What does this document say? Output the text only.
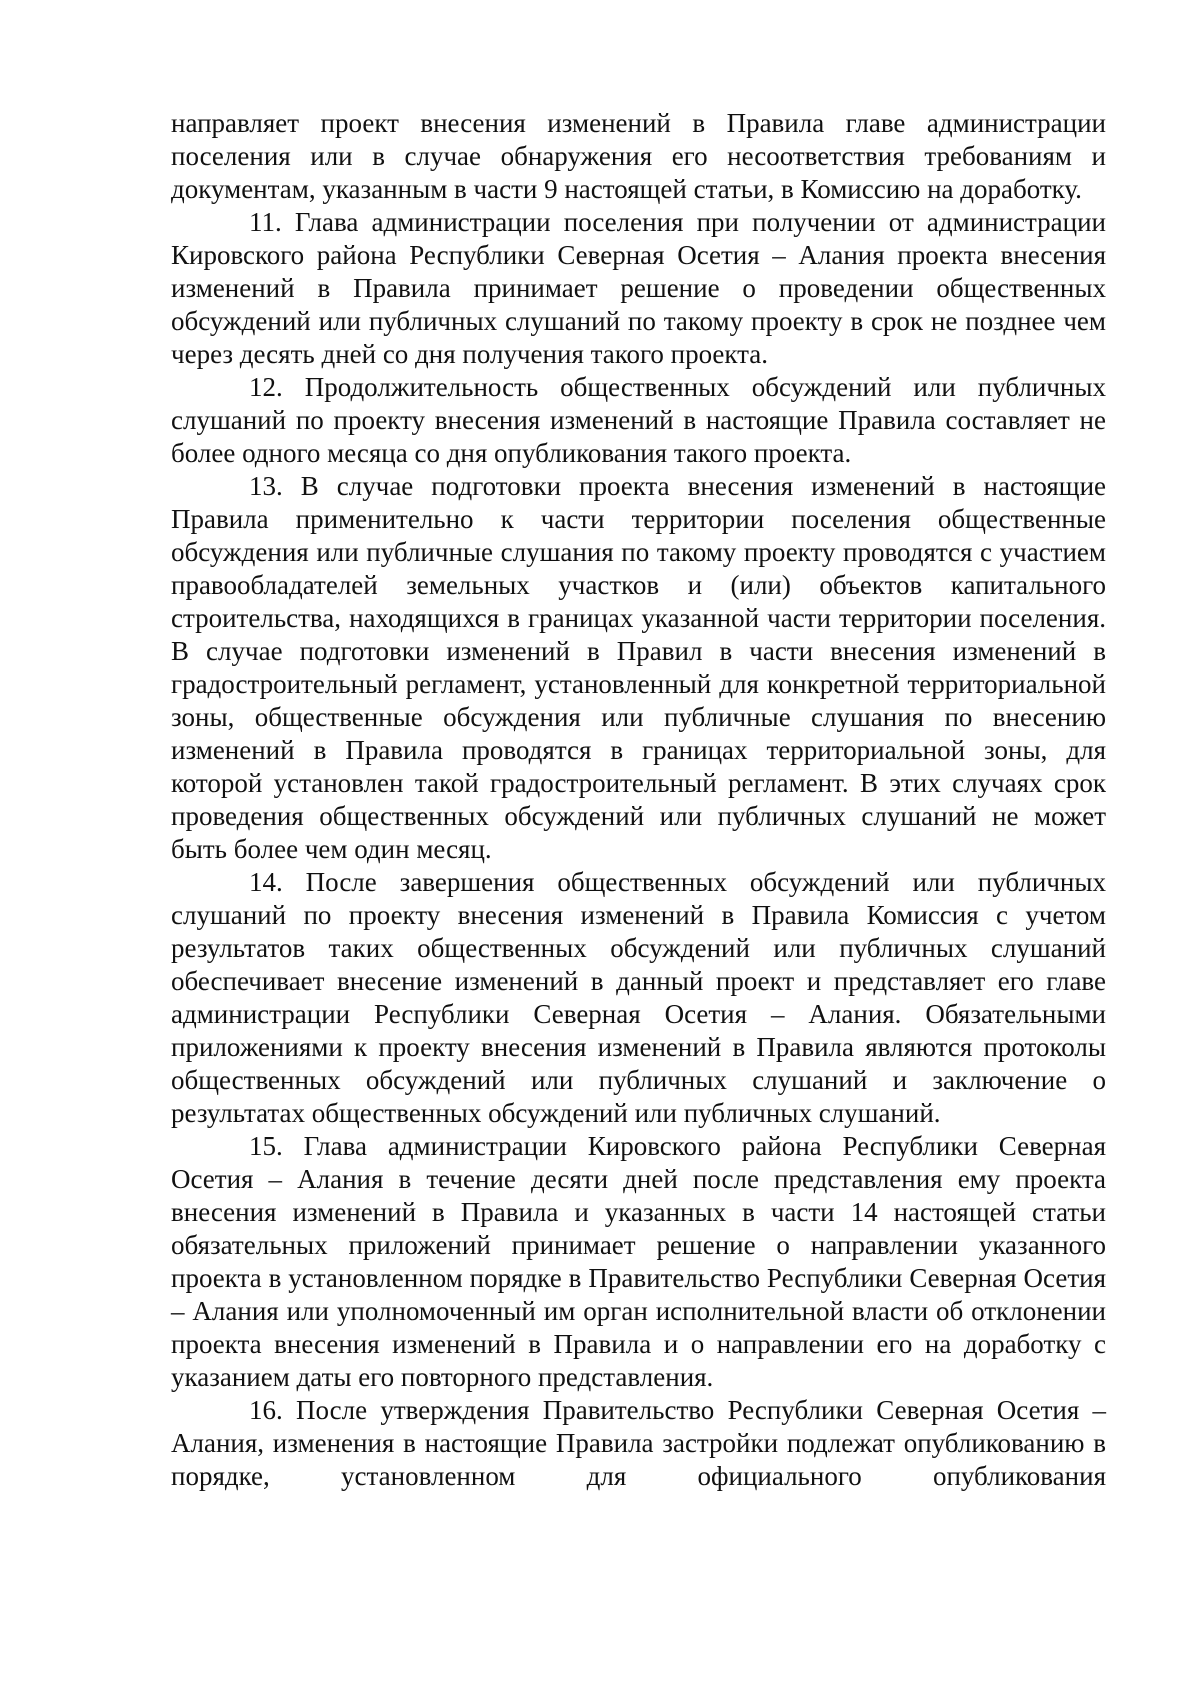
направляет проект внесения изменений в Правила главе администрации поселения или в случае обнаружения его несоответствия требованиям и документам, указанным в части 9 настоящей статьи, в Комиссию на доработку.

11. Глава администрации поселения при получении от администрации Кировского района Республики Северная Осетия – Алания проекта внесения изменений в Правила принимает решение о проведении общественных обсуждений или публичных слушаний по такому проекту в срок не позднее чем через десять дней со дня получения такого проекта.

12. Продолжительность общественных обсуждений или публичных слушаний по проекту внесения изменений в настоящие Правила составляет не более одного месяца со дня опубликования такого проекта.

13. В случае подготовки проекта внесения изменений в настоящие Правила применительно к части территории поселения общественные обсуждения или публичные слушания по такому проекту проводятся с участием правообладателей земельных участков и (или) объектов капитального строительства, находящихся в границах указанной части территории поселения. В случае подготовки изменений в Правил в части внесения изменений в градостроительный регламент, установленный для конкретной территориальной зоны, общественные обсуждения или публичные слушания по внесению изменений в Правила проводятся в границах территориальной зоны, для которой установлен такой градостроительный регламент. В этих случаях срок проведения общественных обсуждений или публичных слушаний не может быть более чем один месяц.

14. После завершения общественных обсуждений или публичных слушаний по проекту внесения изменений в Правила Комиссия с учетом результатов таких общественных обсуждений или публичных слушаний обеспечивает внесение изменений в данный проект и представляет его главе администрации Республики Северная Осетия – Алания. Обязательными приложениями к проекту внесения изменений в Правила являются протоколы общественных обсуждений или публичных слушаний и заключение о результатах общественных обсуждений или публичных слушаний.

15. Глава администрации Кировского района Республики Северная Осетия – Алания в течение десяти дней после представления ему проекта внесения изменений в Правила и указанных в части 14 настоящей статьи обязательных приложений принимает решение о направлении указанного проекта в установленном порядке в Правительство Республики Северная Осетия – Алания или уполномоченный им орган исполнительной власти об отклонении проекта внесения изменений в Правила и о направлении его на доработку с указанием даты его повторного представления.

16. После утверждения Правительство Республики Северная Осетия – Алания, изменения в настоящие Правила застройки подлежат опубликованию в порядке, установленном для официального опубликования
